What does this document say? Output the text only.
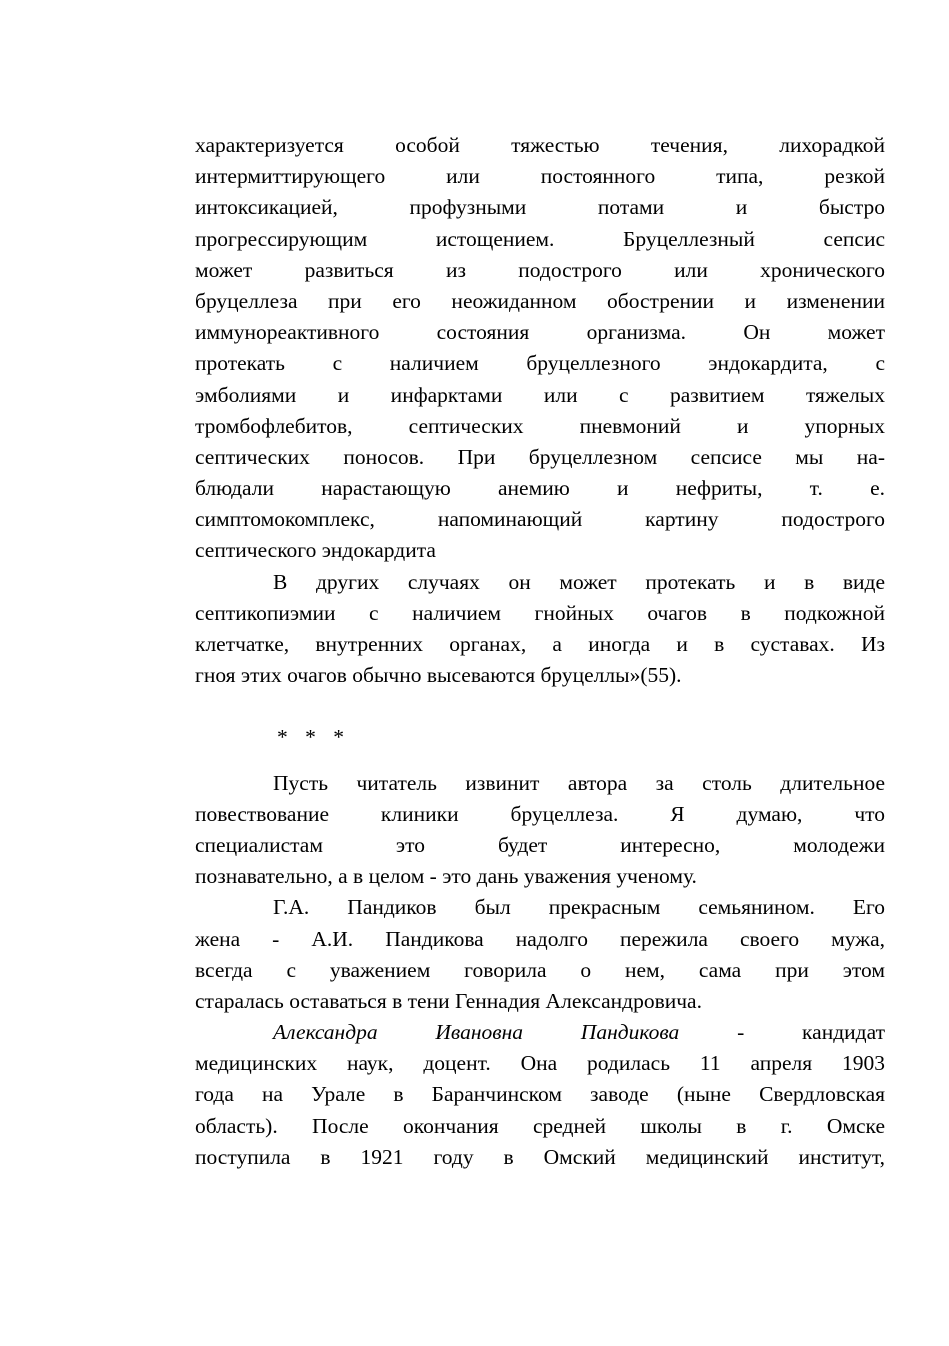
характеризуется особой тяжестью течения, лихорадкой
интермиттирующего или постоянного типа, резкой
интоксикацией, профузными потами и быстро
прогрессирующим истощением. Бруцеллезный сепсис
может развиться из подострого или хронического
бруцеллеза при его неожиданном обострении и изменении
иммунореактивного состояния организма. Он может
протекать с наличием бруцеллезного эндокардита, с
эмболиями и инфарктами или с развитием тяжелых
тромбофлебитов, септических пневмоний и упорных
септических поносов. При бруцеллезном сепсисе мы на-
блюдали нарастающую анемию и нефриты, т. е.
симптомокомплекс, напоминающий картину подострого
септического эндокардита
В других случаях он может протекать и в виде
септикопиэмии с наличием гнойных очагов в подкожной
клетчатке, внутренних органах, а иногда и в суставах. Из
гноя этих очагов обычно высеваются бруцеллы»(55).
* * *
Пусть читатель извинит автора за столь длительное
повествование клиники бруцеллеза. Я думаю, что
специалистам это будет интересно, молодежи
познавательно, а в целом - это дань уважения ученому.
Г.А. Пандиков был прекрасным семьянином. Его
жена - А.И. Пандикова надолго пережила своего мужа,
всегда с уважением говорила о нем, сама при этом
старалась оставаться в тени Геннадия Александровича.
Александра Ивановна Пандикова	- кандидат
медицинских наук, доцент. Она родилась 11 апреля 1903
года на Урале в Баранчинском заводе (ныне Свердловская
область). После окончания средней школы в г. Омске
поступила в 1921 году в Омский медицинский институт,
